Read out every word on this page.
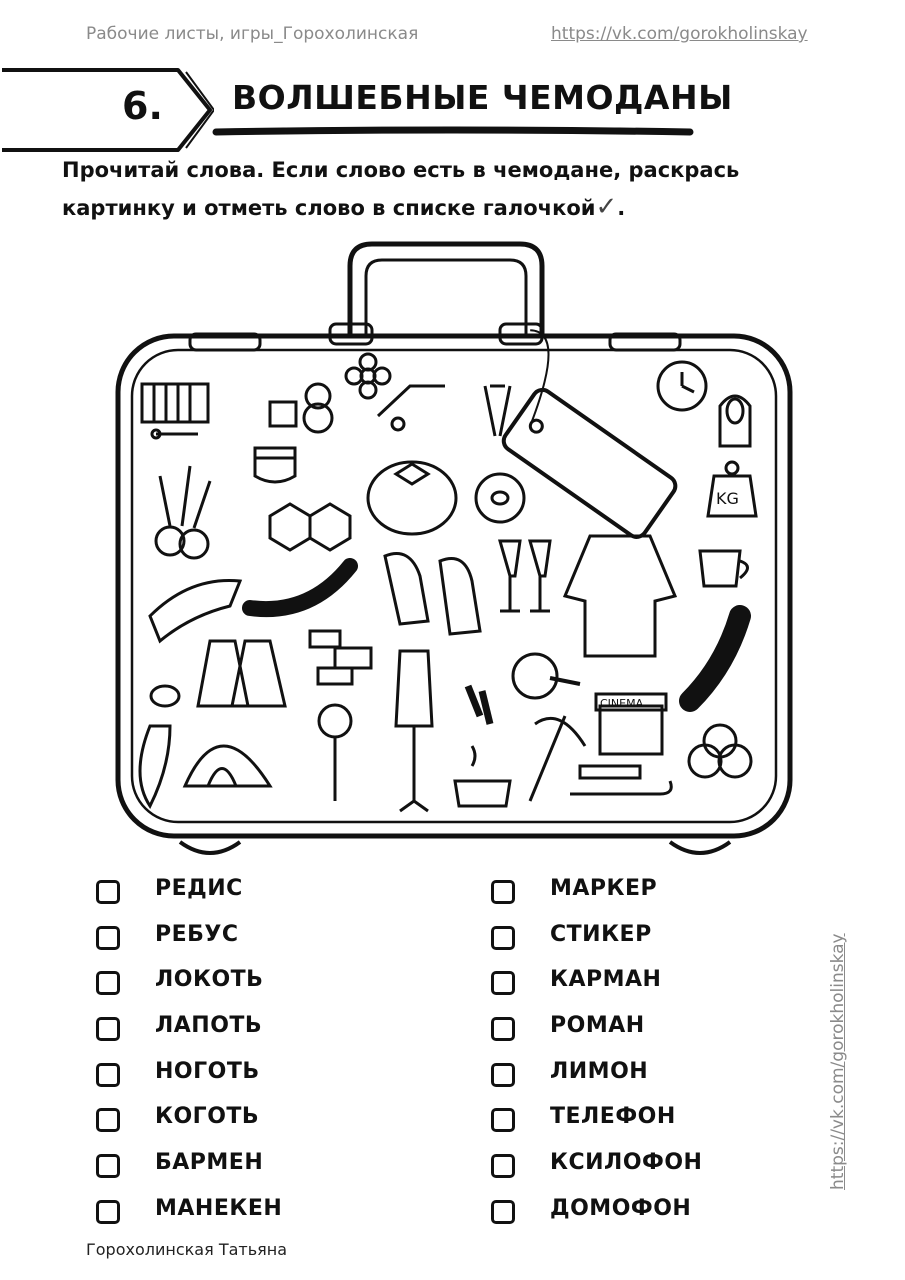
Рабочие листы, игры_Горохолинская	https://vk.com/gorokholinskay
6. ВОЛШЕБНЫЕ ЧЕМОДАНЫ
Прочитай слова. Если слово есть в чемодане, раскрась
картинку и отметь слово в списке галочкой✓.
KG
CINEMA
РЕДИС
РЕБУС
ЛОКОТЬ
ЛАПОТЬ
НОГОТЬ
КОГОТЬ
БАРМЕН
МАНЕКЕН
МАРКЕР
СТИКЕР
КАРМАН
РОМАН
ЛИМОН
ТЕЛЕФОН
КСИЛОФОН
ДОМОФОН
Горохолинская Татьяна
https://vk.com/gorokholinskay
